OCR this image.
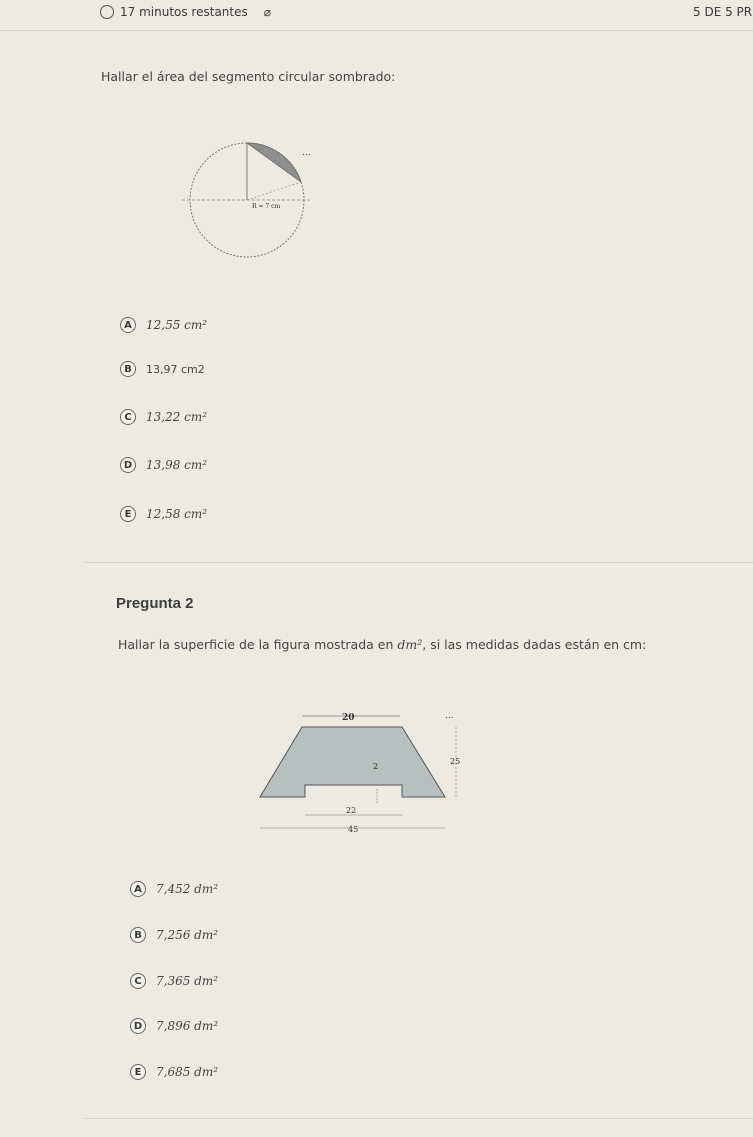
17 minutos restantes ⌀	5 DE 5 PR
Hallar el área del segmento circular sombrado:
R = 7 cm
...
A	12,55 cm²
B	13,97 cm2
C	13,22 cm²
D	13,98 cm²
E	12,58 cm²
Pregunta 2
Hallar la superficie de la figura mostrada en dm², si las medidas dadas están en cm:
20
25
2
22
45
...
A	7,452 dm²
B	7,256 dm²
C	7,365 dm²
D	7,896 dm²
E	7,685 dm²
